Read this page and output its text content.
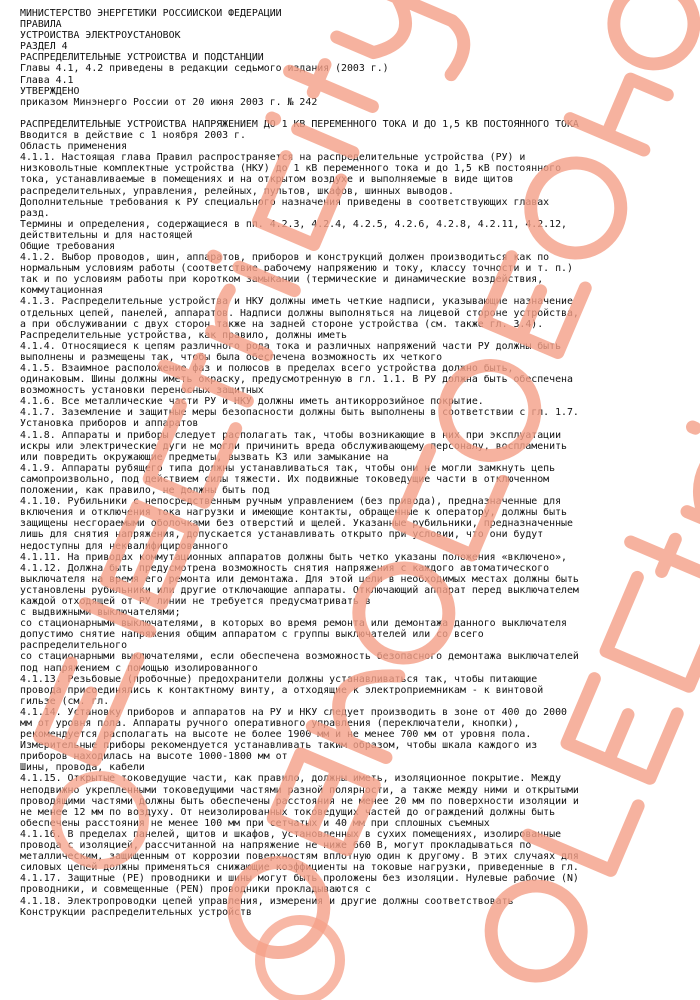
МИНИСТЕРСТВО ЭНЕРГЕТИКИ РОССИЙСКОЙ ФЕДЕРАЦИИ
ПРАВИЛА
УСТРОЙСТВА ЭЛЕКТРОУСТАНОВОК
РАЗДЕЛ 4
РАСПРЕДЕЛИТЕЛЬНЫЕ УСТРОЙСТВА И ПОДСТАНЦИИ
Главы 4.1, 4.2 приведены в редакции седьмого издания (2003 г.)
Глава 4.1
УТВЕРЖДЕНО
приказом Минэнерго России от 20 июня 2003 г. № 242
РАСПРЕДЕЛИТЕЛЬНЫЕ УСТРОЙСТВА НАПРЯЖЕНИЕМ ДО 1 КВ ПЕРЕМЕННОГО ТОКА И ДО 1,5 КВ ПОСТОЯННОГО ТОКА
Вводится в действие с 1 ноября 2003 г.
Область применения
4.1.1. Настоящая глава Правил распространяется на распределительные устройства (РУ) и
низковольтные комплектные устройства (НКУ) до 1 кВ переменного тока и до 1,5 кВ постоянного
тока, устанавливаемые в помещениях и на открытом воздухе и выполняемые в виде щитов
распределительных, управления, релейных, пультов, шкафов, шинных выводов.
Дополнительные требования к РУ специального назначения приведены в соответствующих главах
разд.
Термины и определения, содержащиеся в пп. 4.2.3, 4.2.4, 4.2.5, 4.2.6, 4.2.8, 4.2.11, 4.2.12,
действительны и для настоящей
Общие требования
4.1.2. Выбор проводов, шин, аппаратов, приборов и конструкций должен производиться как по
нормальным условиям работы (соответствие рабочему напряжению и току, классу точности и т. п.)
так и по условиям работы при коротком замыкании (термические и динамические воздействия,
коммутационная
4.1.3. Распределительные устройства и НКУ должны иметь четкие надписи, указывающие назначение
отдельных цепей, панелей, аппаратов. Надписи должны выполняться на лицевой стороне устройства,
а при обслуживании с двух сторон также на задней стороне устройства (см. также гл. 3.4).
Распределительные устройства, как правило, должны иметь
4.1.4. Относящиеся к цепям различного рода тока и различных напряжений части РУ должны быть
выполнены и размещены так, чтобы была обеспечена возможность их четкого
4.1.5. Взаимное расположение фаз и полюсов в пределах всего устройства должно быть,
одинаковым. Шины должны иметь окраску, предусмотренную в гл. 1.1. В РУ должна быть обеспечена
возможность установки переносных защитных
4.1.6. Все металлические части РУ и НКУ должны иметь антикоррозийное покрытие.
4.1.7. Заземление и защитные меры безопасности должны быть выполнены в соответствии с гл. 1.7.
Установка приборов и аппаратов
4.1.8. Аппараты и приборы следует располагать так, чтобы возникающие в них при эксплуатации
искры или электрические дуги не могли причинить вреда обслуживающему персоналу, воспламенить
или повредить окружающие предметы, вызвать КЗ или замыкание на
4.1.9. Аппараты рубящего типа должны устанавливаться так, чтобы они не могли замкнуть цепь
самопроизвольно, под действием силы тяжести. Их подвижные токоведущие части в отключенном
положении, как правило, не должны быть под
4.1.10. Рубильники с непосредственным ручным управлением (без привода), предназначенные для
включения и отключения тока нагрузки и имеющие контакты, обращенные к оператору, должны быть
защищены несгораемыми оболочками без отверстий и щелей. Указанные рубильники, предназначенные
лишь для снятия напряжения, допускается устанавливать открыто при условии, что они будут
недоступны для неквалифицированного
4.1.11. На приводах коммутационных аппаратов должны быть четко указаны положения «включено»,
4.1.12. Должна быть предусмотрена возможность снятия напряжения с каждого автоматического
выключателя на время его ремонта или демонтажа. Для этой цели в необходимых местах должны быть
установлены рубильники или другие отключающие аппараты. Отключающий аппарат перед выключателем
каждой отходящей от РУ линии не требуется предусматривать в
с выдвижными выключателями;
со стационарными выключателями, в которых во время ремонта или демонтажа данного выключателя
допустимо снятие напряжения общим аппаратом с группы выключателей или со всего
распределительного
со стационарными выключателями, если обеспечена возможность безопасного демонтажа выключателей
под напряжением с помощью изолированного
4.1.13. Резьбовые (пробочные) предохранители должны устанавливаться так, чтобы питающие
провода присоединялись к контактному винту, а отходящие к электроприемникам - к винтовой
гильзе (см. гл.
4.1.14. Установку приборов и аппаратов на РУ и НКУ следует производить в зоне от 400 до 2000
мм от уровня пола. Аппараты ручного оперативного управления (переключатели, кнопки),
рекомендуется располагать на высоте не более 1900 мм и не менее 700 мм от уровня пола.
Измерительные приборы рекомендуется устанавливать таким образом, чтобы шкала каждого из
приборов находилась на высоте 1000-1800 мм от
Шины, провода, кабели
4.1.15. Открытые токоведущие части, как правило, должны иметь, изоляционное покрытие. Между
неподвижно укрепленными токоведущими частями разной полярности, а также между ними и открытыми
проводящими частями должны быть обеспечены расстояния не менее 20 мм по поверхности изоляции и
не менее 12 мм по воздуху. От неизолированных токоведущих частей до ограждений должны быть
обеспечены расстояния не менее 100 мм при сетчатых и 40 мм при сплошных съемных
4.1.16. В пределах панелей, щитов и шкафов, установленных в сухих помещениях, изолированные
провода с изоляцией, рассчитанной на напряжение не ниже 660 В, могут прокладываться по
металлическим, защищенным от коррозии поверхностям вплотную один к другому. В этих случаях для
силовых цепей должны применяться снижающие коэффициенты на токовые нагрузки, приведенные в гл.
4.1.17. Защитные (PE) проводники и шины могут быть проложены без изоляции. Нулевые рабочие (N)
проводники, и совмещенные (PEN) проводники прокладываются с
4.1.18. Электропроводки цепей управления, измерения и другие должны соответствовать
Конструкции распределительных устройств
